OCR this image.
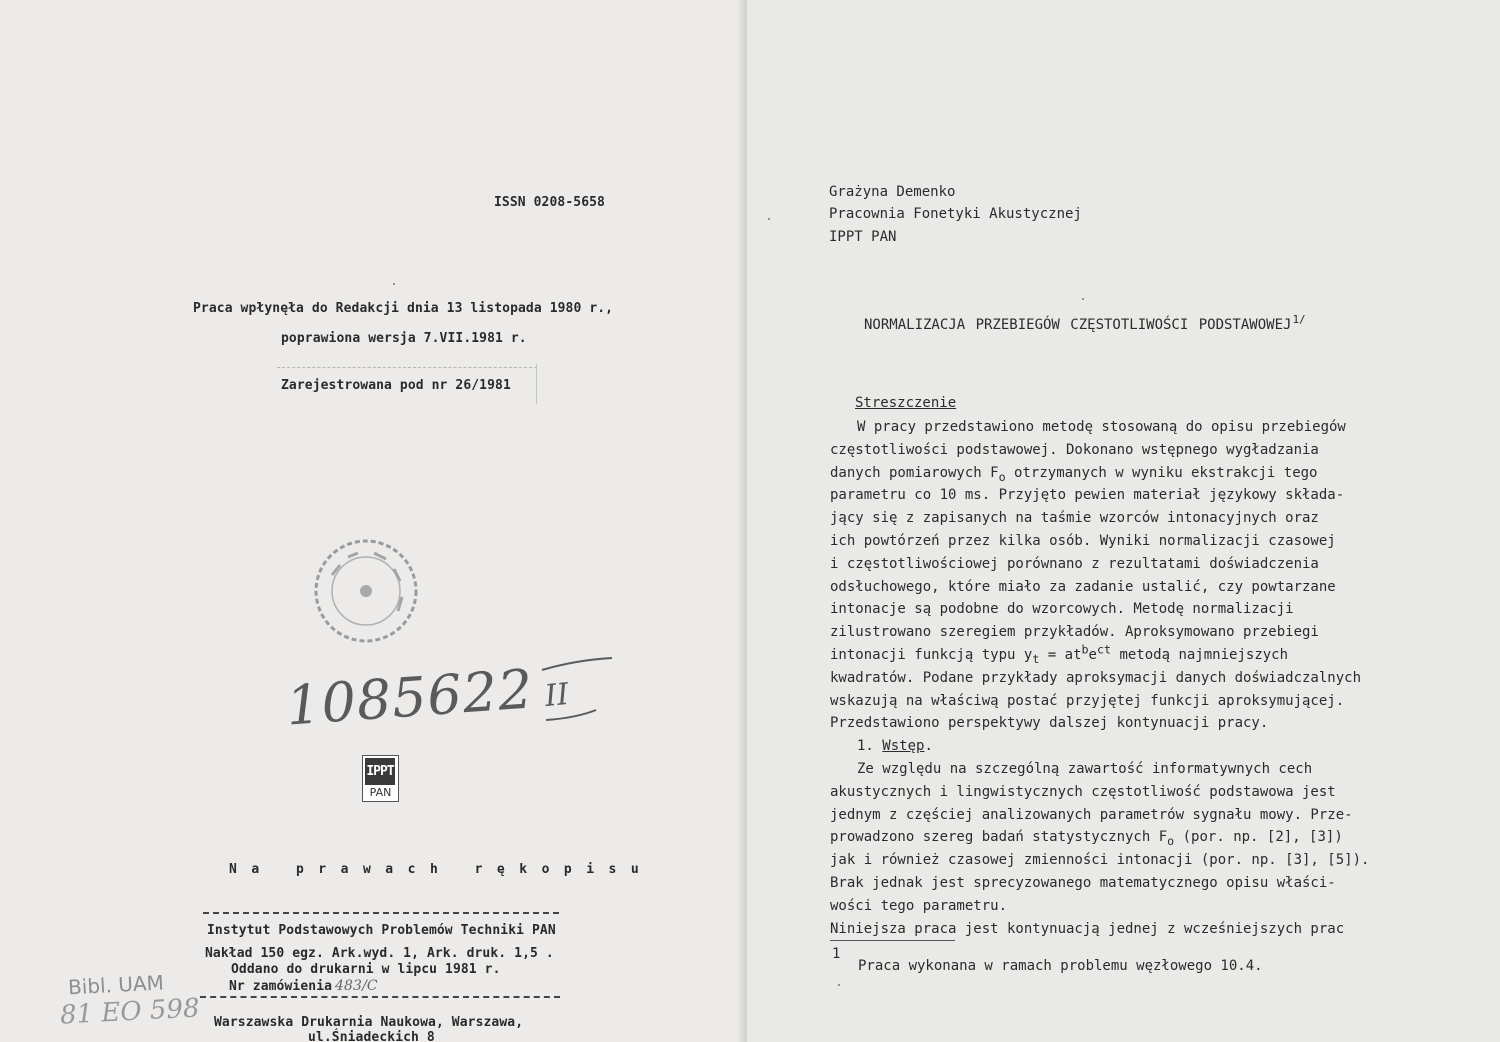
ISSN 0208-5658
Praca wpłynęła do Redakcji dnia 13 listopada 1980 r.,
poprawiona wersja 7.VII.1981 r.
Zarejestrowana pod nr 26/1981
1085622 II
IPPT
PAN
Na prawach rękopisu
Instytut Podstawowych Problemów Techniki PAN
Nakład 150 egz. Ark.wyd. 1, Ark. druk. 1,5 .
Oddano do drukarni w lipcu 1981 r.
Nr zamówienia 483/C
Warszawska Drukarnia Naukowa, Warszawa,
ul.Śniadeckich 8
Bibl. UAM
81 EO 598
Grażyna Demenko
Pracownia Fonetyki Akustycznej
IPPT PAN
NORMALIZACJA PRZEBIEGÓW CZĘSTOTLIWOŚCI $PODSTAWOWEJ^{1/}$
Streszczenie
W pracy przedstawiono metodę stosowaną do opisu przebiegów
częstotliwości podstawowej. Dokonano wstępnego wygładzania
danych pomiarowych $F_o$ otrzymanych w wyniku ekstrakcji tego
parametru co 10 ms. Przyjęto pewien materiał językowy składa-
jący się z zapisanych na taśmie wzorców intonacyjnych oraz
ich powtórzeń przez kilka osób. Wyniki normalizacji czasowej
i częstotliwościowej porównano z rezultatami doświadczenia
odsłuchowego, które miało za zadanie ustalić, czy powtarzane
intonacje są podobne do wzorcowych. Metodę normalizacji
zilustrowano szeregiem przykładów. Aproksymowano przebiegi
intonacji funkcją typu $y_t = at^be^{ct}$ metodą najmniejszych
kwadratów. Podane przykłady aproksymacji danych doświadczalnych
wskazują na właściwą postać przyjętej funkcji aproksymującej.
Przedstawiono perspektywy dalszej kontynuacji pracy.
1. Wstęp.
Ze względu na szczególną zawartość informatywnych cech
akustycznych i lingwistycznych częstotliwość podstawowa jest
jednym z częściej analizowanych parametrów sygnału mowy. Prze-
prowadzono szereg badań statystycznych $F_o$ (por. np. [2], [3])
jak i również czasowej zmienności intonacji (por. np. [3], [5]).
Brak jednak jest sprecyzowanego matematycznego opisu właści-
wości tego parametru.
Niniejsza praca jest kontynuacją jednej z wcześniejszych prac
1
Praca wykonana w ramach problemu węzłowego 10.4.
